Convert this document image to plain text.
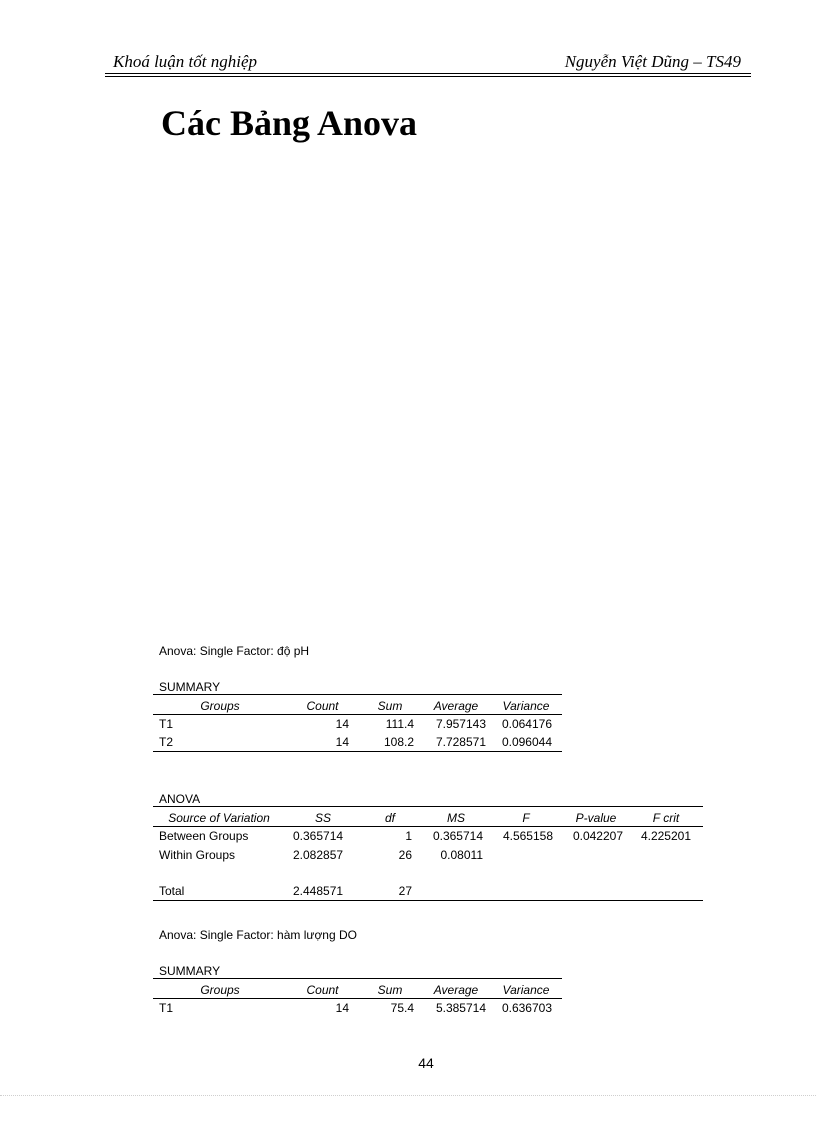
Khoá luận tốt nghiệp	Nguyễn Việt Dũng – TS49
Các Bảng Anova
Anova: Single Factor: độ pH
SUMMARY
Groups	Count	Sum	Average	Variance
T1	14	111.4	7.957143	0.064176
T2	14	108.2	7.728571	0.096044
ANOVA
Source of Variation	SS	df	MS	F	P-value	F crit
Between Groups	0.365714	1	0.365714	4.565158	0.042207	4.225201
Within Groups	2.082857	26	0.08011
Total	2.448571	27
Anova: Single Factor: hàm lượng DO
SUMMARY
Groups	Count	Sum	Average	Variance
T1	14	75.4	5.385714	0.636703
44
